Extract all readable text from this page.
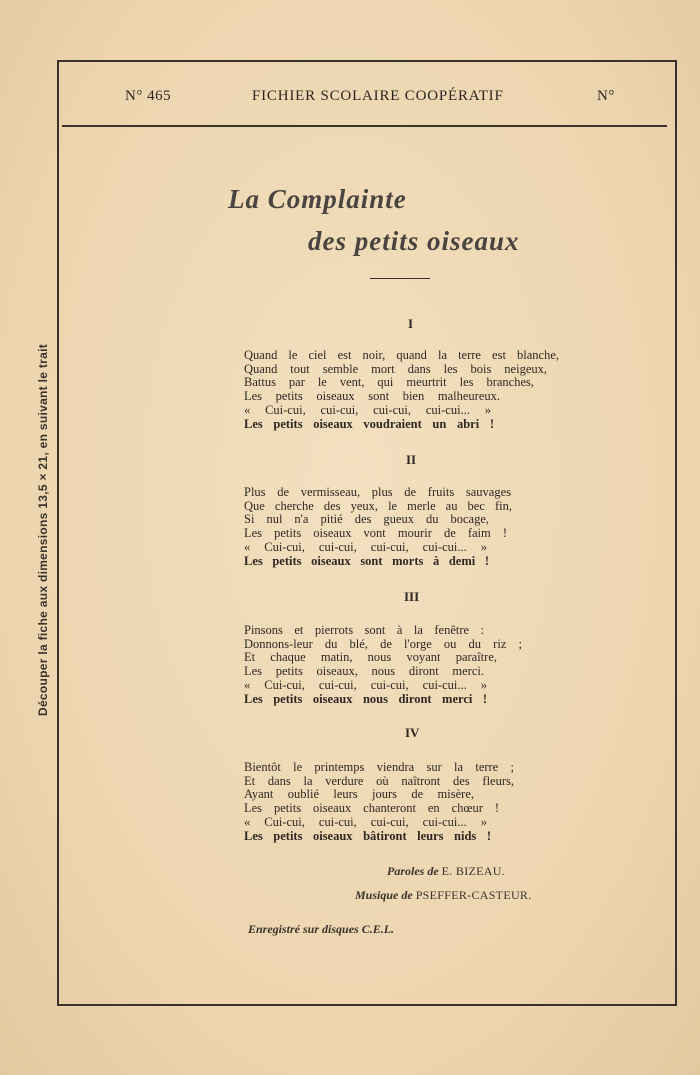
N° 465	FICHIER SCOLAIRE COOPÉRATIF	N°
Découper la fiche aux dimensions 13,5 × 21, en suivant le trait
La Complainte
des petits oiseaux
I
Quand le ciel est noir, quand la terre est blanche,
Quand tout semble mort dans les bois neigeux,
Battus par le vent, qui meurtrit les branches,
Les petits oiseaux sont bien malheureux.
« Cui-cui, cui-cui, cui-cui, cui-cui... »
Les petits oiseaux voudraient un abri !
II
Plus de vermisseau, plus de fruits sauvages
Que cherche des yeux, le merle au bec fin,
Si nul n'a pitié des gueux du bocage,
Les petits oiseaux vont mourir de faim !
« Cui-cui, cui-cui, cui-cui, cui-cui... »
Les petits oiseaux sont morts à demi !
III
Pinsons et pierrots sont à la fenêtre :
Donnons-leur du blé, de l'orge ou du riz ;
Et chaque matin, nous voyant paraître,
Les petits oiseaux, nous diront merci.
« Cui-cui, cui-cui, cui-cui, cui-cui... »
Les petits oiseaux nous diront merci !
IV
Bientôt le printemps viendra sur la terre ;
Et dans la verdure où naîtront des fleurs,
Ayant oublié leurs jours de misère,
Les petits oiseaux chanteront en chœur !
« Cui-cui, cui-cui, cui-cui, cui-cui... »
Les petits oiseaux bâtiront leurs nids !
Paroles de E. BIZEAU.
Musique de PSEFFER-CASTEUR.
Enregistré sur disques C.E.L.
